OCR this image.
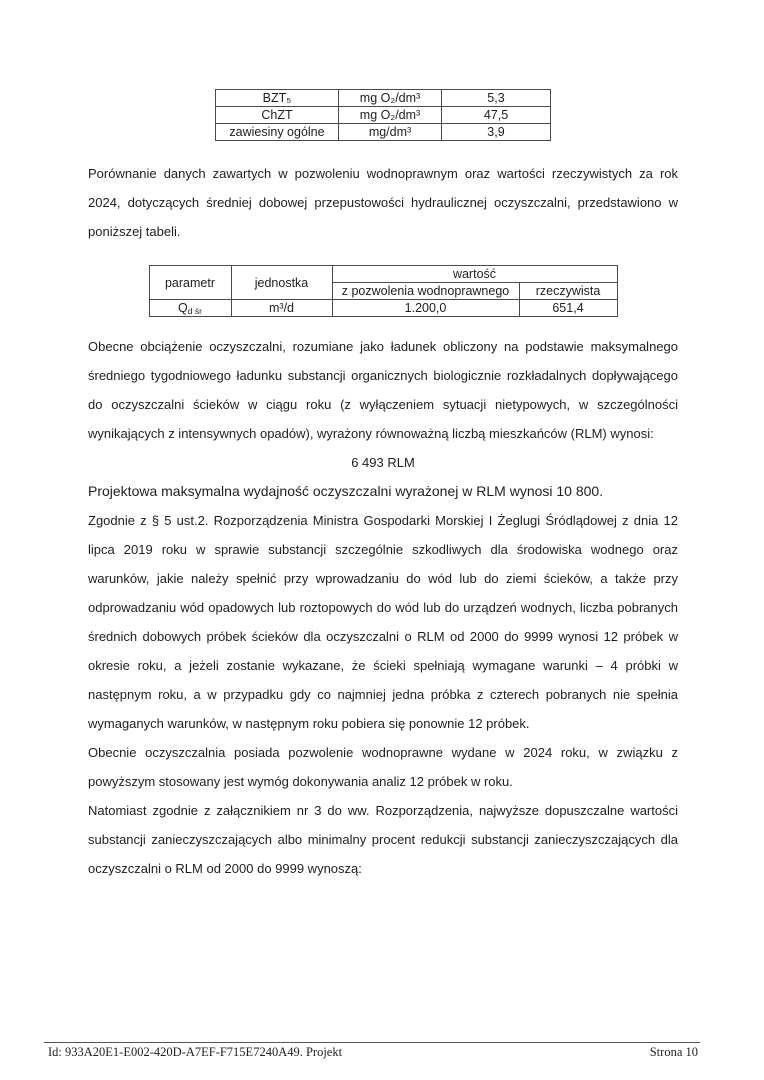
BZT₅	mg O₂/dm³	5,3
ChZT	mg O₂/dm³	47,5
zawiesiny ogólne	mg/dm³	3,9

Porównanie danych zawartych w pozwoleniu wodnoprawnym oraz wartości rzeczywistych za rok 2024, dotyczących średniej dobowej przepustowości hydraulicznej oczyszczalni, przedstawiono w poniższej tabeli.

parametr	jednostka	wartość	
		z pozwolenia wodnoprawnego	rzeczywista
$Q_{d śr}$	m³/d	1.200,0	651,4

Obecne obciążenie oczyszczalni, rozumiane jako ładunek obliczony na podstawie maksymalnego średniego tygodniowego ładunku substancji organicznych biologicznie rozkładalnych dopływającego do oczyszczalni ścieków w ciągu roku (z wyłączeniem sytuacji nietypowych, w szczególności wynikających z intensywnych opadów), wyrażony równoważną liczbą mieszkańców (RLM) wynosi:

6 493 RLM

Projektowa maksymalna wydajność oczyszczalni wyrażonej w RLM wynosi 10 800.

Zgodnie z § 5 ust.2. Rozporządzenia Ministra Gospodarki Morskiej I Żeglugi Śródlądowej z dnia 12 lipca 2019 roku w sprawie substancji szczególnie szkodliwych dla środowiska wodnego oraz warunków, jakie należy spełnić przy wprowadzaniu do wód lub do ziemi ścieków, a także przy odprowadzaniu wód opadowych lub roztopowych do wód lub do urządzeń wodnych, liczba pobranych średnich dobowych próbek ścieków dla oczyszczalni o RLM od 2000 do 9999 wynosi 12 próbek w okresie roku, a jeżeli zostanie wykazane, że ścieki spełniają wymagane warunki – 4 próbki w następnym roku, a w przypadku gdy co najmniej jedna próbka z czterech pobranych nie spełnia wymaganych warunków, w następnym roku pobiera się ponownie 12 próbek.

Obecnie oczyszczalnia posiada pozwolenie wodnoprawne wydane w 2024 roku, w związku z powyższym stosowany jest wymóg dokonywania analiz 12 próbek w roku.

Natomiast zgodnie z załącznikiem nr 3 do ww. Rozporządzenia, najwyższe dopuszczalne wartości substancji zanieczyszczających albo minimalny procent redukcji substancji zanieczyszczających dla oczyszczalni o RLM od 2000 do 9999 wynoszą:

Id: 933A20E1-E002-420D-A7EF-F715E7240A49. Projekt	Strona 10
